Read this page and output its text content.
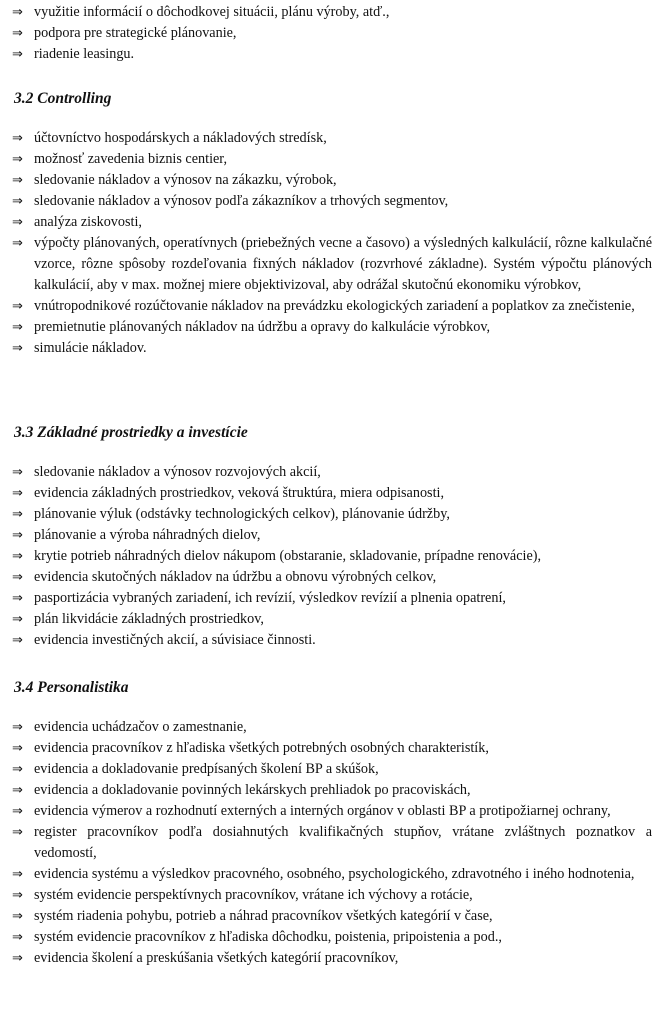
⇒ využitie informácií o dôchodkovej situácii, plánu výroby, atď.,
⇒ podpora pre strategické plánovanie,
⇒ riadenie leasingu.
3.2 Controlling
⇒ účtovníctvo hospodárskych a nákladových stredísk,
⇒ možnosť zavedenia biznis centier,
⇒ sledovanie nákladov a výnosov na zákazku, výrobok,
⇒ sledovanie nákladov a výnosov podľa zákazníkov a trhových segmentov,
⇒ analýza ziskovosti,
⇒ výpočty plánovaných, operatívnych (priebežných vecne a časovo) a výsledných kalkulácií, rôzne kalkulačné vzorce, rôzne spôsoby rozdeľovania fixných nákladov (rozvrhové základne). Systém výpočtu plánových kalkulácií, aby v max. možnej miere objektivizoval, aby odrážal skutočnú ekonomiku výrobkov,
⇒ vnútropodnikové rozúčtovanie nákladov na prevádzku ekologických zariadení a poplatkov za znečistenie,
⇒ premietnutie plánovaných nákladov na údržbu a opravy do kalkulácie výrobkov,
⇒ simulácie nákladov.
3.3 Základné prostriedky a investície
⇒ sledovanie nákladov a výnosov rozvojových akcií,
⇒ evidencia základných prostriedkov, veková štruktúra, miera odpisanosti,
⇒ plánovanie výluk (odstávky technologických celkov), plánovanie údržby,
⇒ plánovanie a výroba náhradných dielov,
⇒ krytie potrieb náhradných dielov nákupom (obstaranie, skladovanie, prípadne renovácie),
⇒ evidencia skutočných nákladov na údržbu a obnovu výrobných celkov,
⇒ pasportizácia vybraných zariadení, ich revízií, výsledkov revízií a plnenia opatrení,
⇒ plán likvidácie základných prostriedkov,
⇒ evidencia investičných akcií, a súvisiace činnosti.
3.4 Personalistika
⇒ evidencia uchádzačov o zamestnanie,
⇒ evidencia pracovníkov z hľadiska všetkých potrebných osobných charakteristík,
⇒ evidencia a dokladovanie predpísaných školení BP a skúšok,
⇒ evidencia a dokladovanie povinných lekárskych prehliadok po pracoviskách,
⇒ evidencia výmerov a rozhodnutí externých a interných orgánov v oblasti BP a protipožiarnej ochrany,
⇒ register pracovníkov podľa dosiahnutých kvalifikačných stupňov, vrátane zvláštnych poznatkov a vedomostí,
⇒ evidencia systému a výsledkov pracovného, osobného, psychologického, zdravotného i iného hodnotenia,
⇒ systém evidencie perspektívnych pracovníkov, vrátane ich výchovy a rotácie,
⇒ systém riadenia pohybu, potrieb a náhrad pracovníkov všetkých kategórií v čase,
⇒ systém evidencie pracovníkov z hľadiska dôchodku, poistenia, pripoistenia a pod.,
⇒ evidencia školení a preskúšania všetkých kategórií pracovníkov,
